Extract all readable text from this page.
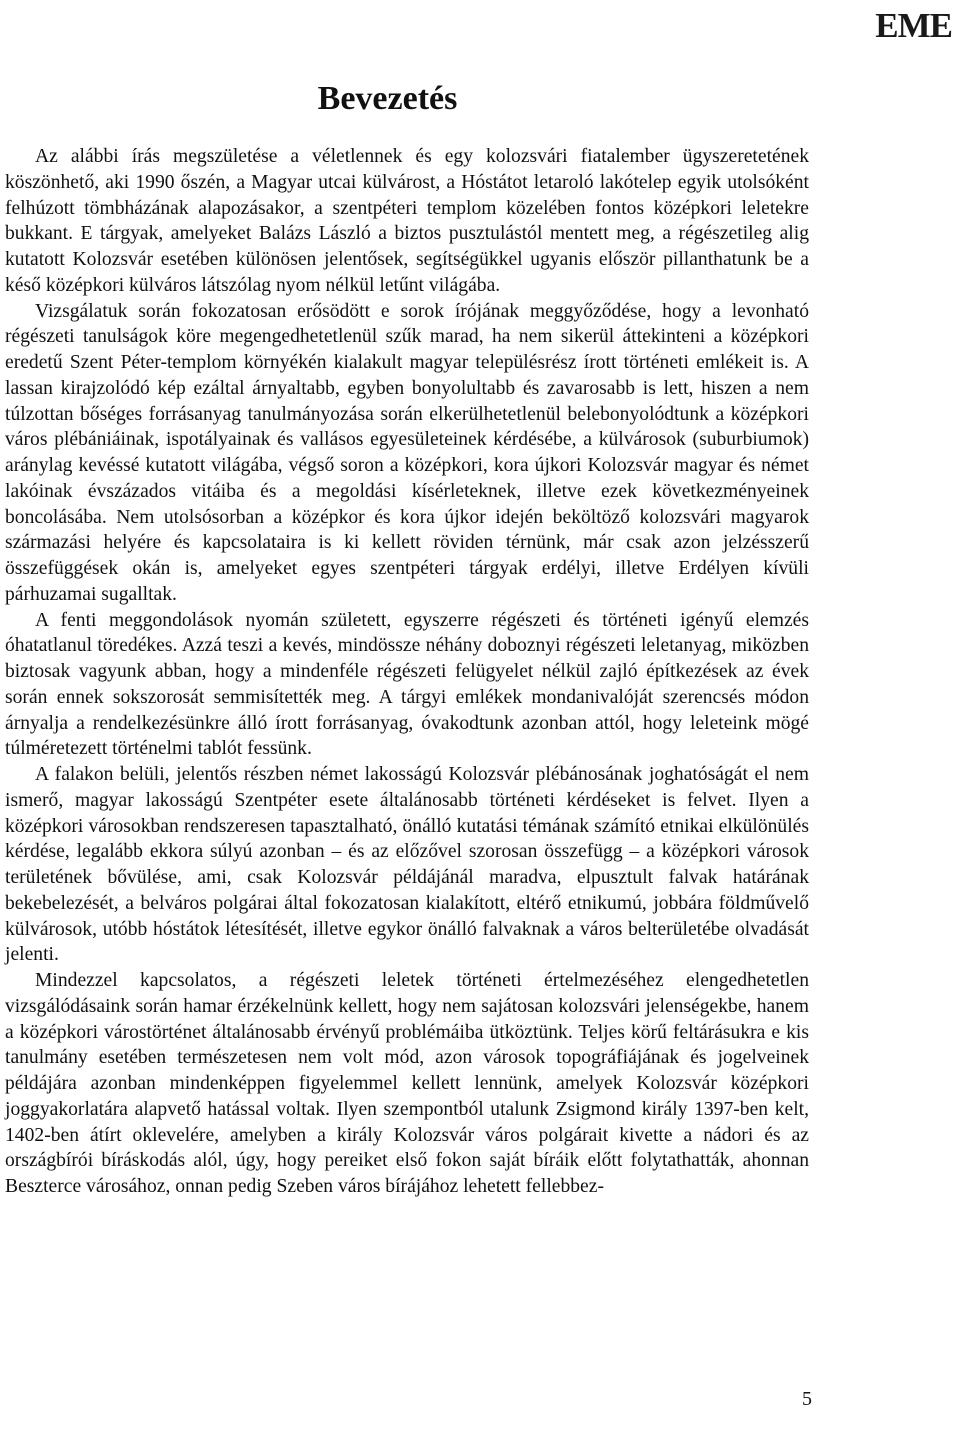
EME
Bevezetés

Az alábbi írás megszületése a véletlennek és egy kolozsvári fiatalember ügyszeretetének köszönhető, aki 1990 őszén, a Magyar utcai külvárost, a Hóstátot letaroló lakótelep egyik utolsóként felhúzott tömbházának alapozásakor, a szentpéteri templom közelében fontos középkori leletekre bukkant. E tárgyak, amelyeket Balázs László a biztos pusztulástól mentett meg, a régészetileg alig kutatott Kolozsvár esetében különösen jelentősek, segítségükkel ugyanis először pillanthatunk be a késő középkori külváros látszólag nyom nélkül letűnt világába.

Vizsgálatuk során fokozatosan erősödött e sorok írójának meggyőződése, hogy a levonható régészeti tanulságok köre megengedhetetlenül szűk marad, ha nem sikerül áttekinteni a középkori eredetű Szent Péter-templom környékén kialakult magyar településrész írott történeti emlékeit is. A lassan kirajzolódó kép ezáltal árnyaltabb, egyben bonyolultabb és zavarosabb is lett, hiszen a nem túlzottan bőséges forrásanyag tanulmányozása során elkerülhetetlenül belebonyolódtunk a középkori város plébániáinak, ispotályainak és vallásos egyesületeinek kérdésébe, a külvárosok (suburbiumok) aránylag kevéssé kutatott világába, végső soron a középkori, kora újkori Kolozsvár magyar és német lakóinak évszázados vitáiba és a megoldási kísérleteknek, illetve ezek következményeinek boncolásába. Nem utolsósorban a középkor és kora újkor idején beköltöző kolozsvári magyarok származási helyére és kapcsolataira is ki kellett röviden térnünk, már csak azon jelzésszerű összefüggések okán is, amelyeket egyes szentpéteri tárgyak erdélyi, illetve Erdélyen kívüli párhuzamai sugalltak.

A fenti meggondolások nyomán született, egyszerre régészeti és történeti igényű elemzés óhatatlanul töredékes. Azzá teszi a kevés, mindössze néhány doboznyi régészeti leletanyag, miközben biztosak vagyunk abban, hogy a mindenféle régészeti felügyelet nélkül zajló építkezések az évek során ennek sokszorosát semmisítették meg. A tárgyi emlékek mondanivalóját szerencsés módon árnyalja a rendelkezésünkre álló írott forrásanyag, óvakodtunk azonban attól, hogy leleteink mögé túlméretezett történelmi tablót fessünk.

A falakon belüli, jelentős részben német lakosságú Kolozsvár plébánosának joghatóságát el nem ismerő, magyar lakosságú Szentpéter esete általánosabb történeti kérdéseket is felvet. Ilyen a középkori városokban rendszeresen tapasztalható, önálló kutatási témának számító etnikai elkülönülés kérdése, legalább ekkora súlyú azonban – és az előzővel szorosan összefügg – a középkori városok területének bővülése, ami, csak Kolozsvár példájánál maradva, elpusztult falvak határának bekebelezését, a belváros polgárai által fokozatosan kialakított, eltérő etnikumú, jobbára földművelő külvárosok, utóbb hóstátok létesítését, illetve egykor önálló falvaknak a város belterületébe olvadását jelenti.

Mindezzel kapcsolatos, a régészeti leletek történeti értelmezéséhez elengedhetetlen vizsgálódásaink során hamar érzékelnünk kellett, hogy nem sajátosan kolozsvári jelenségekbe, hanem a középkori várostörténet általánosabb érvényű problémáiba ütköztünk. Teljes körű feltárásukra e kis tanulmány esetében természetesen nem volt mód, azon városok topográfiájának és jogelveinek példájára azonban mindenképpen figyelemmel kellett lennünk, amelyek Kolozsvár középkori joggyakorlatára alapvető hatással voltak. Ilyen szempontból utalunk Zsigmond király 1397-ben kelt, 1402-ben átírt oklevelére, amelyben a király Kolozsvár város polgárait kivette a nádori és az országbírói bíráskodás alól, úgy, hogy pereiket első fokon saját bíráik előtt folytathatták, ahonnan Beszterce városához, onnan pedig Szeben város bírájához lehetett fellebbez-

5
